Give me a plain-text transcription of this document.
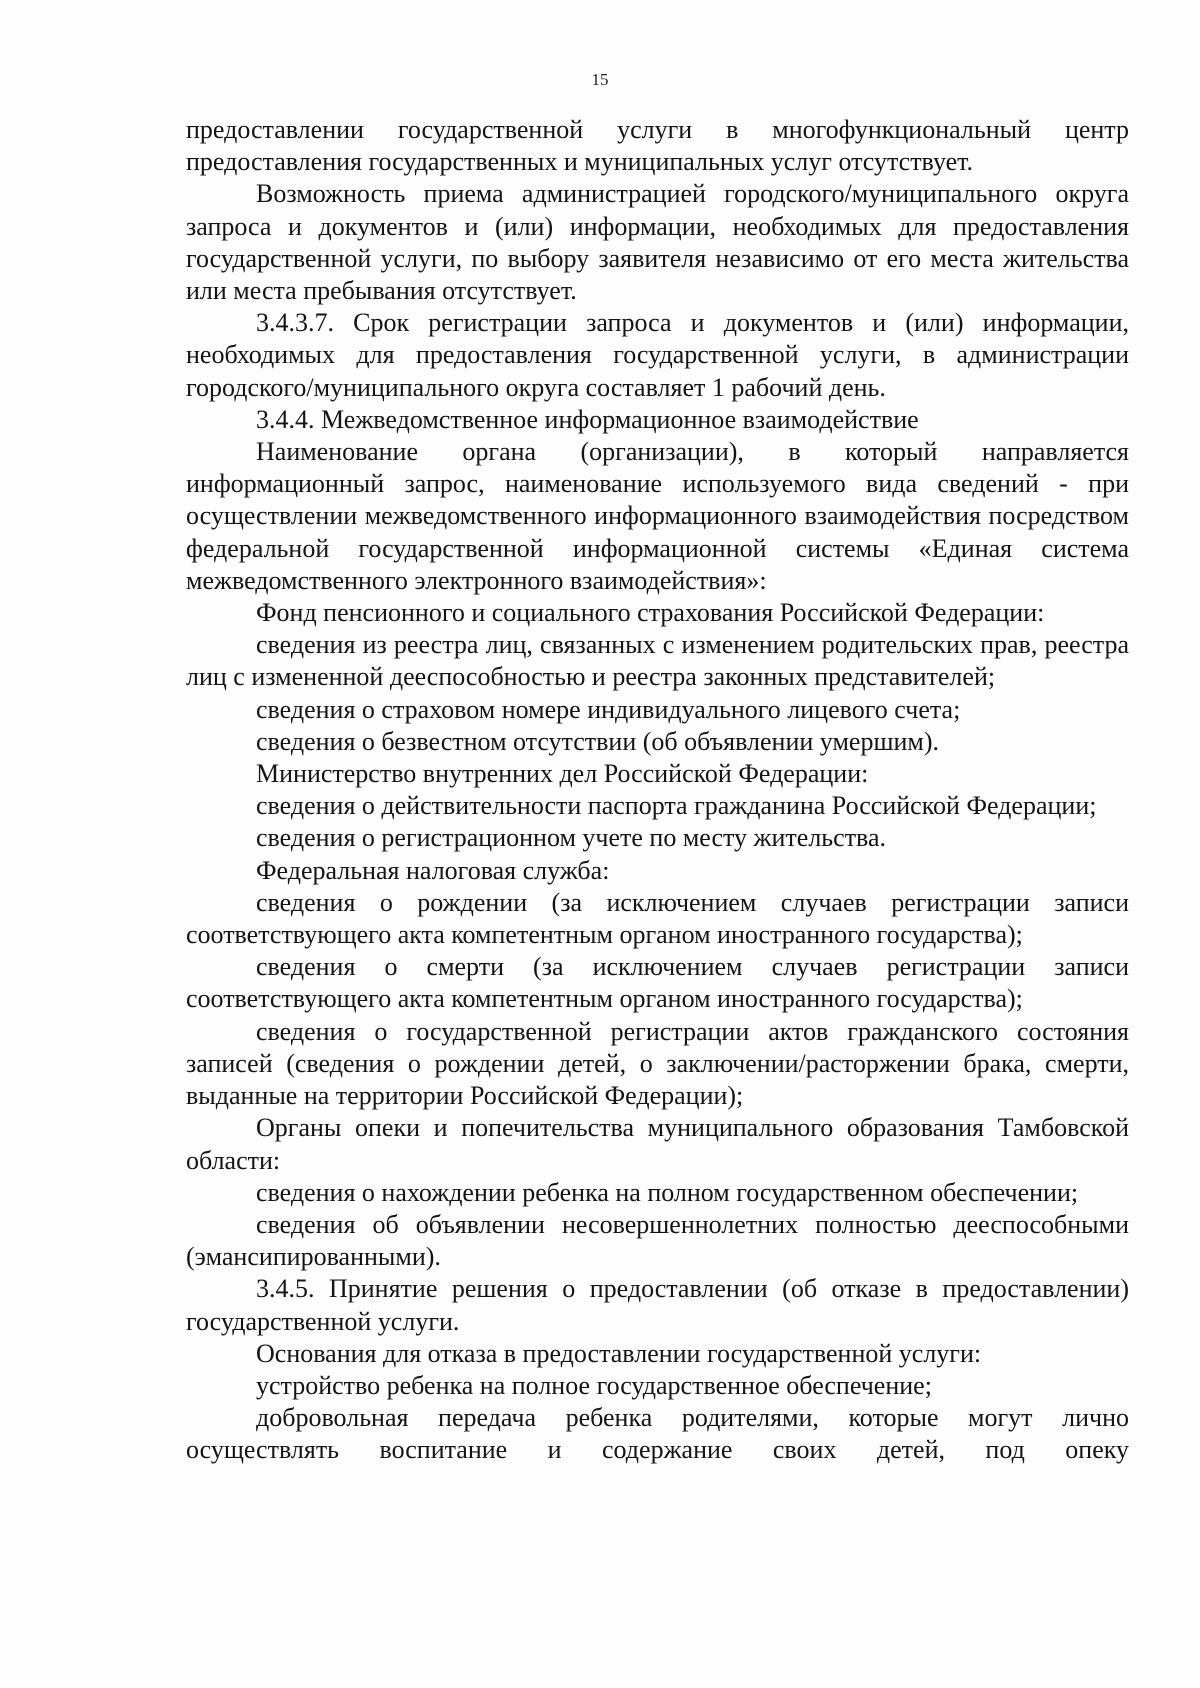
15

предоставлении государственной услуги в многофункциональный центр предоставления государственных и муниципальных услуг отсутствует.

Возможность приема администрацией городского/муниципального округа запроса и документов и (или) информации, необходимых для предоставления государственной услуги, по выбору заявителя независимо от его места жительства или места пребывания отсутствует.

3.4.3.7. Срок регистрации запроса и документов и (или) информации, необходимых для предоставления государственной услуги, в администрации городского/муниципального округа составляет 1 рабочий день.

3.4.4. Межведомственное информационное взаимодействие

Наименование органа (организации), в который направляется информационный запрос, наименование используемого вида сведений - при осуществлении межведомственного информационного взаимодействия посредством федеральной государственной информационной системы «Единая система межведомственного электронного взаимодействия»:

Фонд пенсионного и социального страхования Российской Федерации:

сведения из реестра лиц, связанных с изменением родительских прав, реестра лиц с измененной дееспособностью и реестра законных представителей;

сведения о страховом номере индивидуального лицевого счета;

сведения о безвестном отсутствии (об объявлении умершим).

Министерство внутренних дел Российской Федерации:

сведения о действительности паспорта гражданина Российской Федерации;

сведения о регистрационном учете по месту жительства.

Федеральная налоговая служба:

сведения о рождении (за исключением случаев регистрации записи соответствующего акта компетентным органом иностранного государства);

сведения о смерти (за исключением случаев регистрации записи соответствующего акта компетентным органом иностранного государства);

сведения о государственной регистрации актов гражданского состояния записей (сведения о рождении детей, о заключении/расторжении брака, смерти, выданные на территории Российской Федерации);

Органы опеки и попечительства муниципального образования Тамбовской области:

сведения о нахождении ребенка на полном государственном обеспечении;

сведения об объявлении несовершеннолетних полностью дееспособными (эмансипированными).

3.4.5. Принятие решения о предоставлении (об отказе в предоставлении) государственной услуги.

Основания для отказа в предоставлении государственной услуги:

устройство ребенка на полное государственное обеспечение;

добровольная передача ребенка родителями, которые могут лично осуществлять воспитание и содержание своих детей, под опеку
